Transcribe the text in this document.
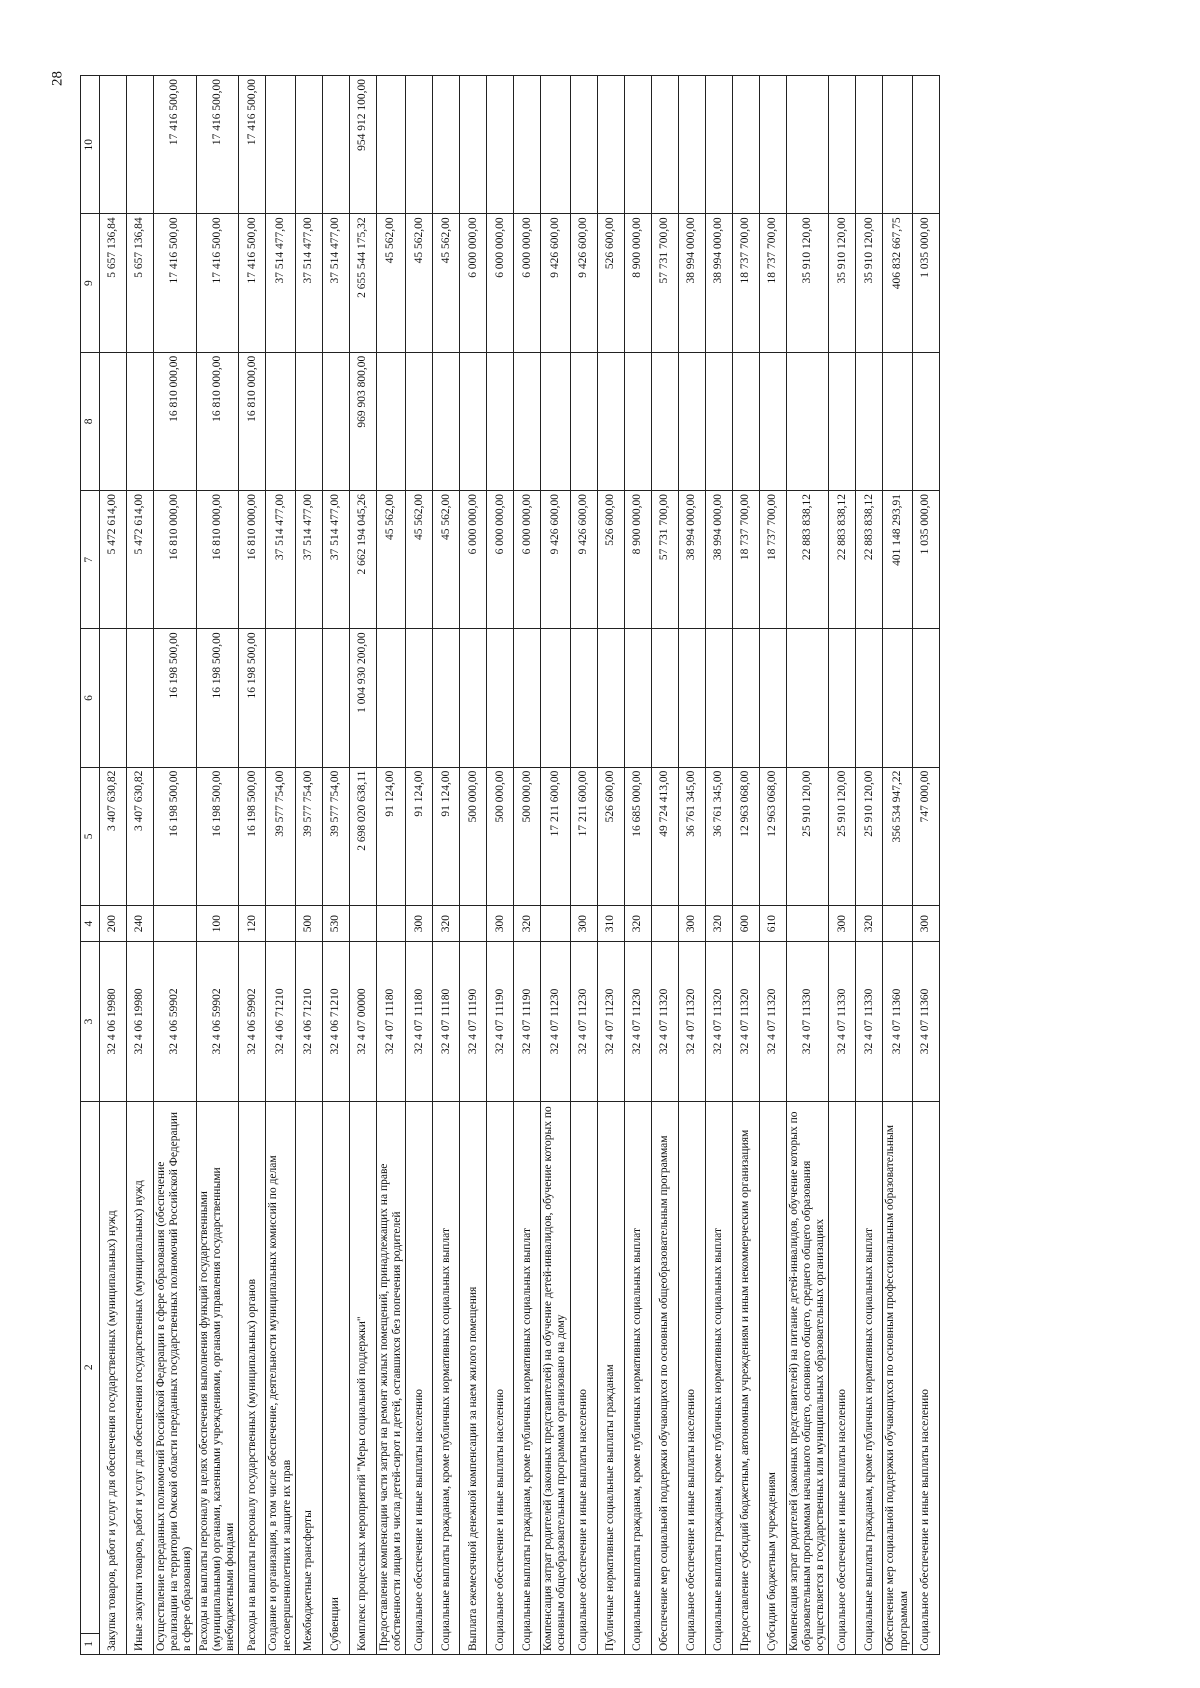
28
1	2	3	4	5	6	7	8	9	10
Закупка товаров, работ и услуг для обеспечения государственных (муниципальных) нужд		32 4 06 19980	200	3 407 630,82		5 472 614,00		5 657 136,84	
Иные закупки товаров, работ и услуг для обеспечения государственных (муниципальных) нужд		32 4 06 19980	240	3 407 630,82		5 472 614,00		5 657 136,84	
Осуществление переданных полномочий Российской Федерации в сфере образования (обеспечение реализации на территории Омской области переданных государственных полномочий Российской Федерации в сфере образования)		32 4 06 59902		16 198 500,00	16 198 500,00	16 810 000,00	16 810 000,00	17 416 500,00	17 416 500,00
Расходы на выплаты персоналу в целях обеспечения выполнения функций государственными (муниципальными) органами, казенными учреждениями, органами управления государственными внебюджетными фондами		32 4 06 59902	100	16 198 500,00	16 198 500,00	16 810 000,00	16 810 000,00	17 416 500,00	17 416 500,00
Расходы на выплаты персоналу государственных (муниципальных) органов		32 4 06 59902	120	16 198 500,00	16 198 500,00	16 810 000,00	16 810 000,00	17 416 500,00	17 416 500,00
Создание и организация, в том числе обеспечение, деятельности муниципальных комиссий по делам несовершеннолетних и защите их прав		32 4 06 71210		39 577 754,00		37 514 477,00		37 514 477,00	
Межбюджетные трансферты		32 4 06 71210	500	39 577 754,00		37 514 477,00		37 514 477,00	
Субвенции		32 4 06 71210	530	39 577 754,00		37 514 477,00		37 514 477,00	
Комплекс процессных мероприятий "Меры социальной поддержки"		32 4 07 00000		2 698 020 638,11	1 004 930 200,00	2 662 194 045,26	969 903 800,00	2 655 544 175,32	954 912 100,00
Предоставление компенсации части затрат на ремонт жилых помещений, принадлежащих на праве собственности лицам из числа детей-сирот и детей, оставшихся без попечения родителей		32 4 07 11180		91 124,00		45 562,00		45 562,00	
Социальное обеспечение и иные выплаты населению		32 4 07 11180	300	91 124,00		45 562,00		45 562,00	
Социальные выплаты гражданам, кроме публичных нормативных социальных выплат		32 4 07 11180	320	91 124,00		45 562,00		45 562,00	
Выплата ежемесячной денежной компенсации за наем жилого помещения		32 4 07 11190		500 000,00		6 000 000,00		6 000 000,00	
Социальное обеспечение и иные выплаты населению		32 4 07 11190	300	500 000,00		6 000 000,00		6 000 000,00	
Социальные выплаты гражданам, кроме публичных нормативных социальных выплат		32 4 07 11190	320	500 000,00		6 000 000,00		6 000 000,00	
Компенсация затрат родителей (законных представителей) на обучение детей-инвалидов, обучение которых по основным общеобразовательным программам организовано на дому		32 4 07 11230		17 211 600,00		9 426 600,00		9 426 600,00	
Социальное обеспечение и иные выплаты населению		32 4 07 11230	300	17 211 600,00		9 426 600,00		9 426 600,00	
Публичные нормативные социальные выплаты гражданам		32 4 07 11230	310	526 600,00		526 600,00		526 600,00	
Социальные выплаты гражданам, кроме публичных нормативных социальных выплат		32 4 07 11230	320	16 685 000,00		8 900 000,00		8 900 000,00	
Обеспечение мер социальной поддержки обучающихся по основным общеобразовательным программам		32 4 07 11320		49 724 413,00		57 731 700,00		57 731 700,00	
Социальное обеспечение и иные выплаты населению		32 4 07 11320	300	36 761 345,00		38 994 000,00		38 994 000,00	
Социальные выплаты гражданам, кроме публичных нормативных социальных выплат		32 4 07 11320	320	36 761 345,00		38 994 000,00		38 994 000,00	
Предоставление субсидий бюджетным, автономным учреждениям и иным некоммерческим организациям		32 4 07 11320	600	12 963 068,00		18 737 700,00		18 737 700,00	
Субсидии бюджетным учреждениям		32 4 07 11320	610	12 963 068,00		18 737 700,00		18 737 700,00	
Компенсация затрат родителей (законных представителей) на питание детей-инвалидов, обучение которых по образовательным программам начального общего, основного общего, среднего общего образования осуществляется в государственных или муниципальных образовательных организациях		32 4 07 11330		25 910 120,00		22 883 838,12		35 910 120,00	
Социальное обеспечение и иные выплаты населению		32 4 07 11330	300	25 910 120,00		22 883 838,12		35 910 120,00	
Социальные выплаты гражданам, кроме публичных нормативных социальных выплат		32 4 07 11330	320	25 910 120,00		22 883 838,12		35 910 120,00	
Обеспечение мер социальной поддержки обучающихся по основным профессиональным образовательным программам		32 4 07 11360		356 534 947,22		401 148 293,91		406 832 667,75	
Социальное обеспечение и иные выплаты населению		32 4 07 11360	300	747 000,00		1 035 000,00		1 035 000,00	
